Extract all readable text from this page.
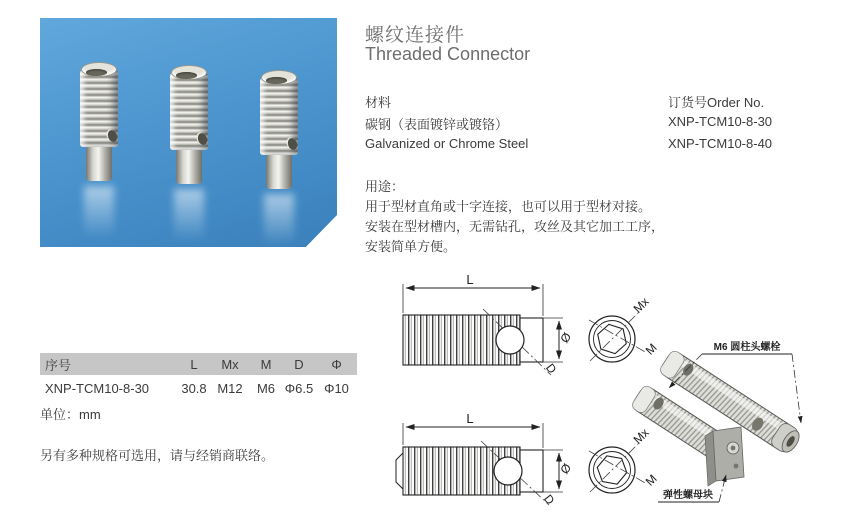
螺纹连接件
Threaded Connector
材料
碳钢（表面镀锌或镀铬）
Galvanized or Chrome Steel
订货号Order No.
XNP-TCM10-8-30
XNP-TCM10-8-40
用途：
用于型材直角或十字连接，也可以用于型材对接。
安装在型材槽内，无需钻孔，攻丝及其它加工工序，
安装简单方便。
序号	L	Mx	M	D	Φ
XNP-TCM10-8-30	30.8 M12	M6 Φ6.5 Φ10
单位：mm
另有多种规格可选用，请与经销商联络。
L
D
Ø
Mx
M
L
D
Ø
Mx
M
M6 圆柱头螺栓
弹性螺母块
